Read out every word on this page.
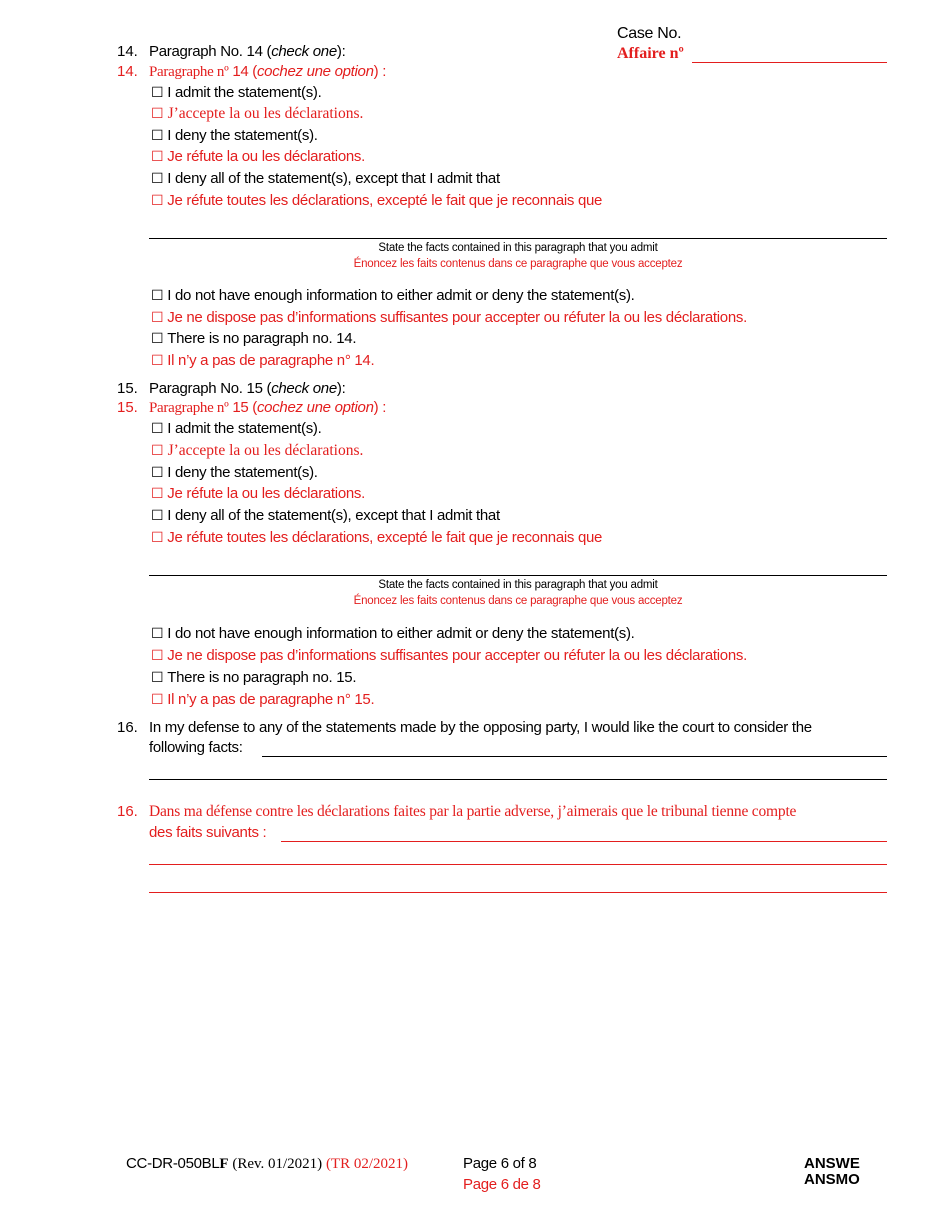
Case No.
Affaire nº
14. Paragraph No. 14 (check one):
14. Paragraphe nº 14 (cochez une option) :
☐ I admit the statement(s).
☐ J’accepte la ou les déclarations.
☐ I deny the statement(s).
☐ Je réfute la ou les déclarations.
☐ I deny all of the statement(s), except that I admit that
☐ Je réfute toutes les déclarations, excepté le fait que je reconnais que
State the facts contained in this paragraph that you admit
Énoncez les faits contenus dans ce paragraphe que vous acceptez
☐ I do not have enough information to either admit or deny the statement(s).
☐ Je ne dispose pas d’informations suffisantes pour accepter ou réfuter la ou les déclarations.
☐ There is no paragraph no. 14.
☐ Il n’y a pas de paragraphe n° 14.
15. Paragraph No. 15 (check one):
15. Paragraphe nº 15 (cochez une option) :
☐ I admit the statement(s).
☐ J’accepte la ou les déclarations.
☐ I deny the statement(s).
☐ Je réfute la ou les déclarations.
☐ I deny all of the statement(s), except that I admit that
☐ Je réfute toutes les déclarations, excepté le fait que je reconnais que
State the facts contained in this paragraph that you admit
Énoncez les faits contenus dans ce paragraphe que vous acceptez
☐ I do not have enough information to either admit or deny the statement(s).
☐ Je ne dispose pas d’informations suffisantes pour accepter ou réfuter la ou les déclarations.
☐ There is no paragraph no. 15.
☐ Il n’y a pas de paragraphe n° 15.
16. In my defense to any of the statements made by the opposing party, I would like the court to consider the
following facts:
16. Dans ma défense contre les déclarations faites par la partie adverse, j’aimerais que le tribunal tienne compte
des faits suivants :
CC-DR-050BLF (Rev. 01/2021) (TR 02/2021)	Page 6 of 8
Page 6 de 8
ANSWE
ANSMO
